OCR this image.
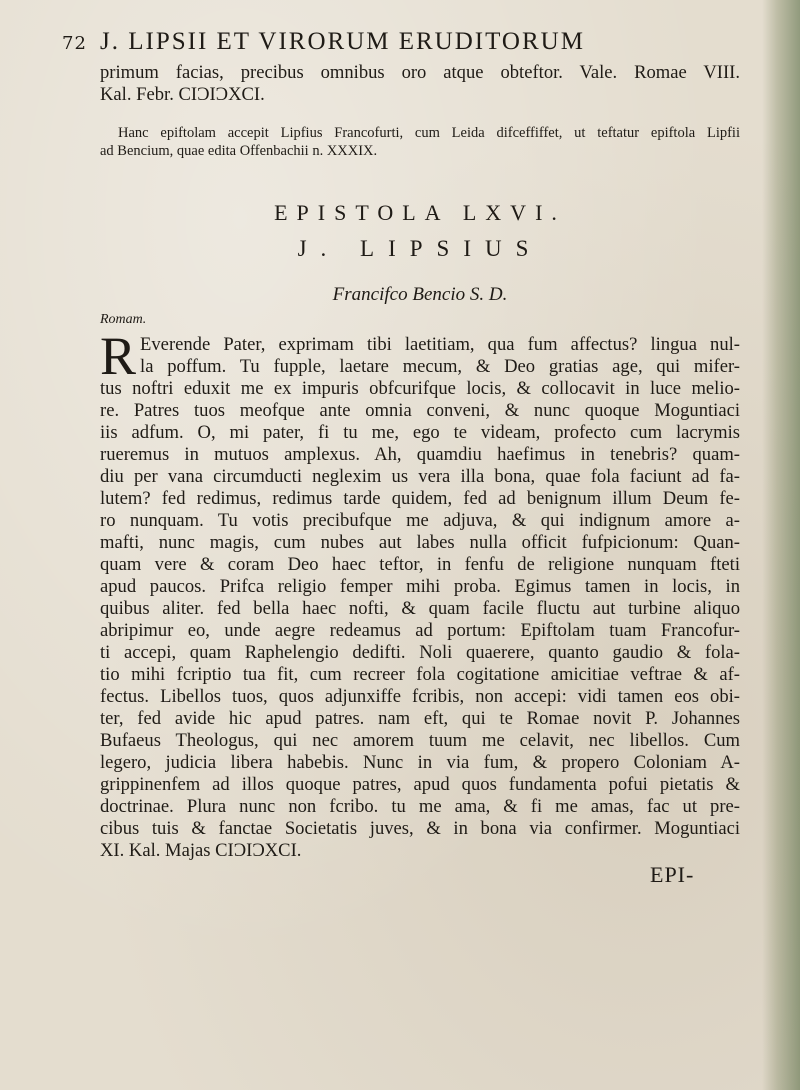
72 J. LIPSII ET VIRORUM ERUDITORUM
primum facias, precibus omnibus oro atque obteftor. Vale. Romae VIII.
Kal. Febr. CIƆIƆXCI.
Hanc epiftolam accepit Lipfius Francofurti, cum Leida difceffiffet, ut teftatur epiftola Lipfii
ad Bencium, quae edita Offenbachii n. XXXIX.
EPISTOLA LXVI.
J. LIPSIUS
Francifco Bencio S. D.
Romam.
R Everende Pater, exprimam tibi laetitiam, qua fum affectus? lingua nul-
la poffum. Tu fupple, laetare mecum, & Deo gratias age, qui mifer-
tus noftri eduxit me ex impuris obfcurifque locis, & collocavit in luce melio-
re. Patres tuos meofque ante omnia conveni, & nunc quoque Moguntiaci
iis adfum. O, mi pater, fi tu me, ego te videam, profecto cum lacrymis
rueremus in mutuos amplexus. Ah, quamdiu haefimus in tenebris? quam-
diu per vana circumducti neglexim us vera illa bona, quae fola faciunt ad fa-
lutem? fed redimus, redimus tarde quidem, fed ad benignum illum Deum fe-
ro nunquam. Tu votis precibufque me adjuva, & qui indignum amore a-
mafti, nunc magis, cum nubes aut labes nulla officit fufpicionum: Quan-
quam vere & coram Deo haec teftor, in fenfu de religione nunquam fteti
apud paucos. Prifca religio femper mihi proba. Egimus tamen in locis, in
quibus aliter. fed bella haec nofti, & quam facile fluctu aut turbine aliquo
abripimur eo, unde aegre redeamus ad portum: Epiftolam tuam Francofur-
ti accepi, quam Raphelengio dedifti. Noli quaerere, quanto gaudio & fola-
tio mihi fcriptio tua fit, cum recreer fola cogitatione amicitiae veftrae & af-
fectus. Libellos tuos, quos adjunxiffe fcribis, non accepi: vidi tamen eos obi-
ter, fed avide hic apud patres. nam eft, qui te Romae novit P. Johannes
Bufaeus Theologus, qui nec amorem tuum me celavit, nec libellos. Cum
legero, judicia libera habebis. Nunc in via fum, & propero Coloniam A-
grippinenfem ad illos quoque patres, apud quos fundamenta pofui pietatis &
doctrinae. Plura nunc non fcribo. tu me ama, & fi me amas, fac ut pre-
cibus tuis & fanctae Societatis juves, & in bona via confirmer. Moguntiaci
XI. Kal. Majas CIƆIƆXCI.
EPI-
